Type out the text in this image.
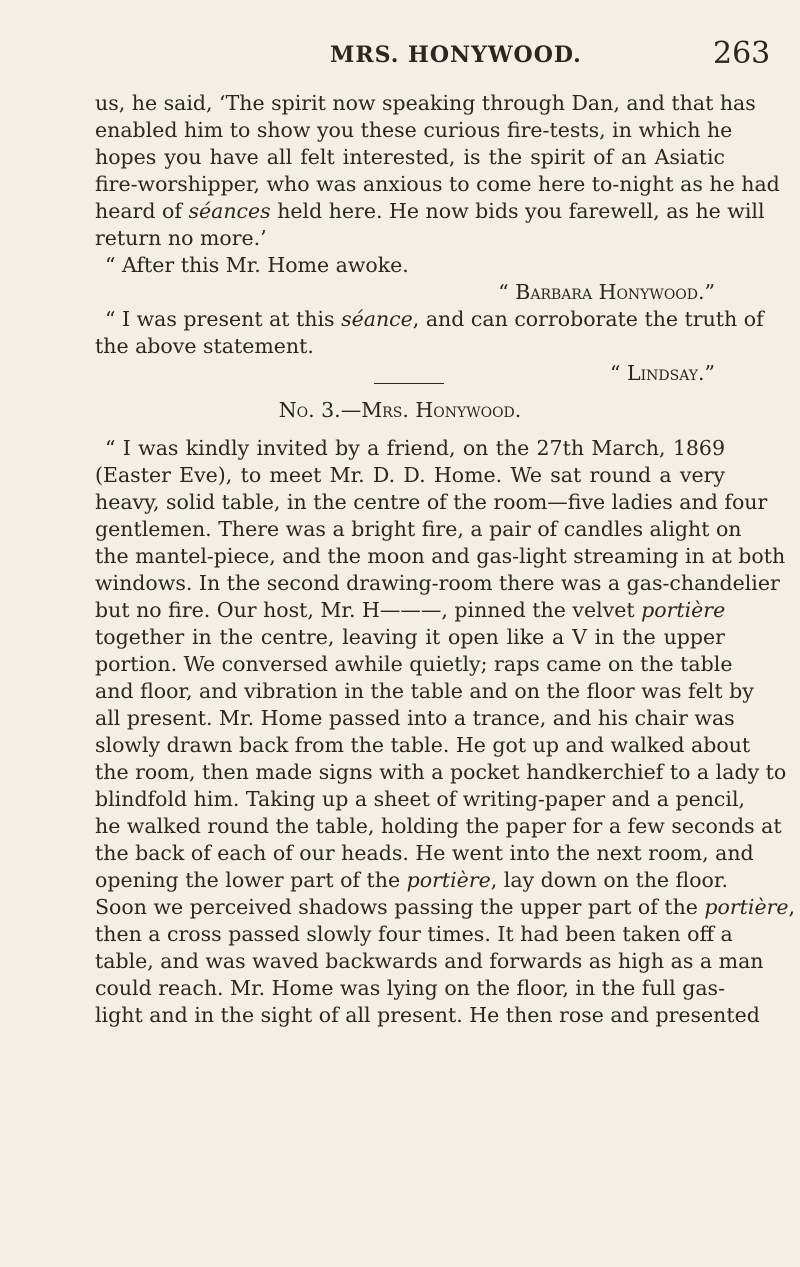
MRS. HONYWOOD.	263
us, he said, ‘The spirit now speaking through Dan, and that has
enabled him to show you these curious fire-tests, in which he
hopes you have all felt interested, is the spirit of an Asiatic
fire-worshipper, who was anxious to come here to-night as he had
heard of séances held here. He now bids you farewell, as he will
return no more.’
“ After this Mr. Home awoke.
“ Barbara Honywood.”
“ I was present at this séance, and can corroborate the truth of
the above statement.
“ Lindsay.”
No. 3.—Mrs. Honywood.
“ I was kindly invited by a friend, on the 27th March, 1869
(Easter Eve), to meet Mr. D. D. Home. We sat round a very
heavy, solid table, in the centre of the room—five ladies and four
gentlemen. There was a bright fire, a pair of candles alight on
the mantel-piece, and the moon and gas-light streaming in at both
windows. In the second drawing-room there was a gas-chandelier
but no fire. Our host, Mr. H———, pinned the velvet portière
together in the centre, leaving it open like a V in the upper
portion. We conversed awhile quietly; raps came on the table
and floor, and vibration in the table and on the floor was felt by
all present. Mr. Home passed into a trance, and his chair was
slowly drawn back from the table. He got up and walked about
the room, then made signs with a pocket handkerchief to a lady to
blindfold him. Taking up a sheet of writing-paper and a pencil,
he walked round the table, holding the paper for a few seconds at
the back of each of our heads. He went into the next room, and
opening the lower part of the portière, lay down on the floor.
Soon we perceived shadows passing the upper part of the portière,
then a cross passed slowly four times. It had been taken off a
table, and was waved backwards and forwards as high as a man
could reach. Mr. Home was lying on the floor, in the full gas-
light and in the sight of all present. He then rose and presented
